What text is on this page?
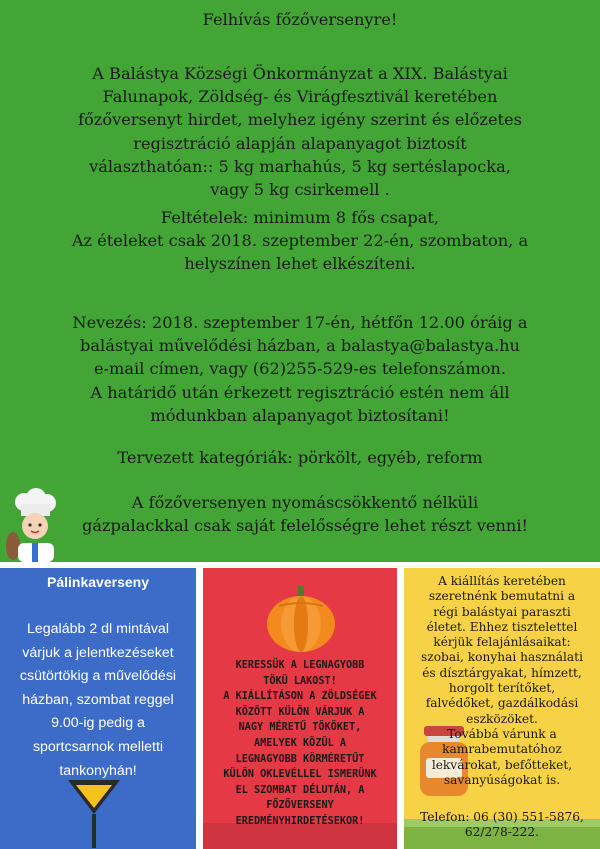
Felhívás főzőversenyre!
A Balástya Községi Önkormányzat a XIX. Balástyai
Falunapok, Zöldség- és Virágfesztivál keretében
főzőversenyt hirdet, melyhez igény szerint és előzetes
regisztráció alapján alapanyagot biztosít
választhatóan:: 5 kg marhahús, 5 kg sertéslapocka,
vagy 5 kg csirkemell .
Feltételek: minimum 8 fős csapat,
Az ételeket csak 2018. szeptember 22-én, szombaton, a
helyszínen lehet elkészíteni.
Nevezés: 2018. szeptember 17-én, hétfőn 12.00 óráig a
balástyai művelődési házban, a balastya@balastya.hu
e-mail címen, vagy (62)255-529-es telefonszámon.
A határidő után érkezett regisztráció estén nem áll
módunkban alapanyagot biztosítani!
Tervezett kategóriák: pörkölt, egyéb, reform
A főzőversenyen nyomáscsökkentő nélküli
gázpalackkal csak saját felelősségre lehet részt venni!
Pálinkaverseny
Legalább 2 dl mintával
várjuk a jelentkezéseket
csütörtökig a művelődési
házban, szombat reggel
9.00-ig pedig a
sportcsarnok melletti
tankonyhán!
KERESSÜK A LEGNAGYOBB
TÖKÜ LAKOST!
A KIÁLLÍTÁSON A ZÖLDSÉGEK
KÖZÖTT KÜLÖN VÁRJUK A
NAGY MÉRETŰ TÖKÖKET,
AMELYEK KÖZÜL A
LEGNAGYOBB KÖRMÉRETŰT
KÜLÖN OKLEVÉLLEL ISMERÜNK
EL SZOMBAT DÉLUTÁN, A
FŐZŐVERSENY
EREDMÉNYHIRDETÉSEKOR!
A kiállítás keretében
szeretnénk bemutatni a
régi balástyai paraszti
életet. Ehhez tisztelettel
kérjük felajánlásaikat:
szobai, konyhai használati
és dísztárgyakat, hímzett,
horgolt terítőket,
falvédőket, gazdálkodási
eszközöket.
Továbbá várunk a
kamrabemutatóhoz
lekvárokat, befőtteket,
savanyúságokat is.
Telefon: 06 (30) 551-5876,
62/278-222.
